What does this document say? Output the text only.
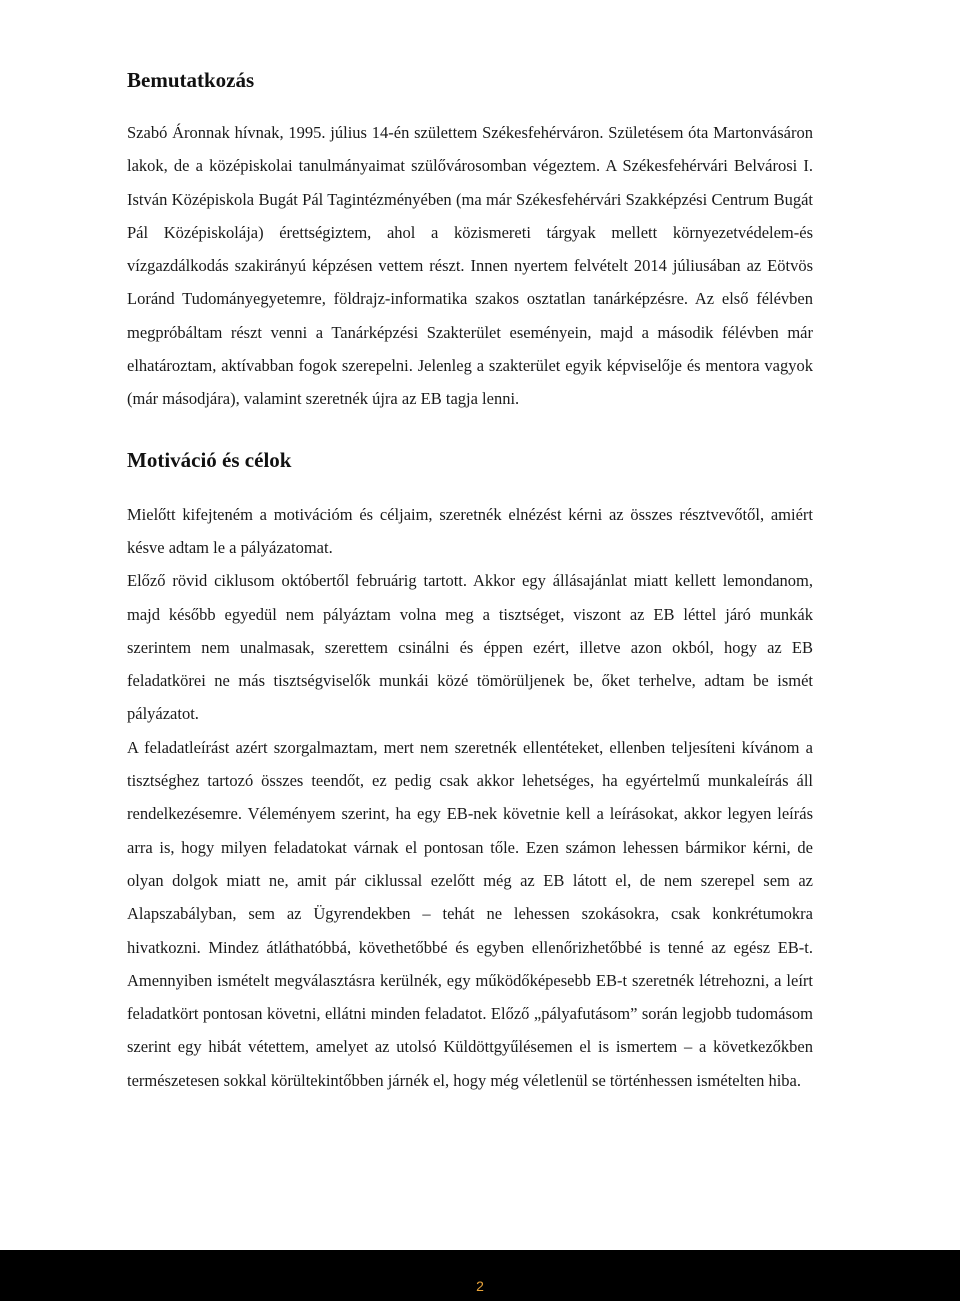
Bemutatkozás

Szabó Áronnak hívnak, 1995. július 14-én születtem Székesfehérváron. Születésem óta Martonvásáron lakok, de a középiskolai tanulmányaimat szülővárosomban végeztem. A Székesfehérvári Belvárosi I. István Középiskola Bugát Pál Tagintézményében (ma már Székesfehérvári Szakképzési Centrum Bugát Pál Középiskolája) érettségiztem, ahol a közismereti tárgyak mellett környezetvédelem-és vízgazdálkodás szakirányú képzésen vettem részt. Innen nyertem felvételt 2014 júliusában az Eötvös Loránd Tudományegyetemre, földrajz-informatika szakos osztatlan tanárképzésre. Az első félévben megpróbáltam részt venni a Tanárképzési Szakterület eseményein, majd a második félévben már elhatároztam, aktívabban fogok szerepelni. Jelenleg a szakterület egyik képviselője és mentora vagyok (már másodjára), valamint szeretnék újra az EB tagja lenni.

Motiváció és célok

Mielőtt kifejteném a motivációm és céljaim, szeretnék elnézést kérni az összes résztvevőtől, amiért késve adtam le a pályázatomat.

Előző rövid ciklusom októbertől februárig tartott. Akkor egy állásajánlat miatt kellett lemondanom, majd később egyedül nem pályáztam volna meg a tisztséget, viszont az EB léttel járó munkák szerintem nem unalmasak, szerettem csinálni és éppen ezért, illetve azon okból, hogy az EB feladatkörei ne más tisztségviselők munkái közé tömörüljenek be, őket terhelve, adtam be ismét pályázatot.

A feladatleírást azért szorgalmaztam, mert nem szeretnék ellentéteket, ellenben teljesíteni kívánom a tisztséghez tartozó összes teendőt, ez pedig csak akkor lehetséges, ha egyértelmű munkaleírás áll rendelkezésemre. Véleményem szerint, ha egy EB-nek követnie kell a leírásokat, akkor legyen leírás arra is, hogy milyen feladatokat várnak el pontosan tőle. Ezen számon lehessen bármikor kérni, de olyan dolgok miatt ne, amit pár ciklussal ezelőtt még az EB látott el, de nem szerepel sem az Alapszabályban, sem az Ügyrendekben – tehát ne lehessen szokásokra, csak konkrétumokra hivatkozni. Mindez átláthatóbbá, követhetőbbé és egyben ellenőrizhetőbbé is tenné az egész EB-t. Amennyiben ismételt megválasztásra kerülnék, egy működőképesebb EB-t szeretnék létrehozni, a leírt feladatkört pontosan követni, ellátni minden feladatot. Előző „pályafutásom” során legjobb tudomásom szerint egy hibát vétettem, amelyet az utolsó Küldöttgyűlésemen el is ismertem – a következőkben természetesen sokkal körültekintőbben járnék el, hogy még véletlenül se történhessen ismételten hiba.

2
